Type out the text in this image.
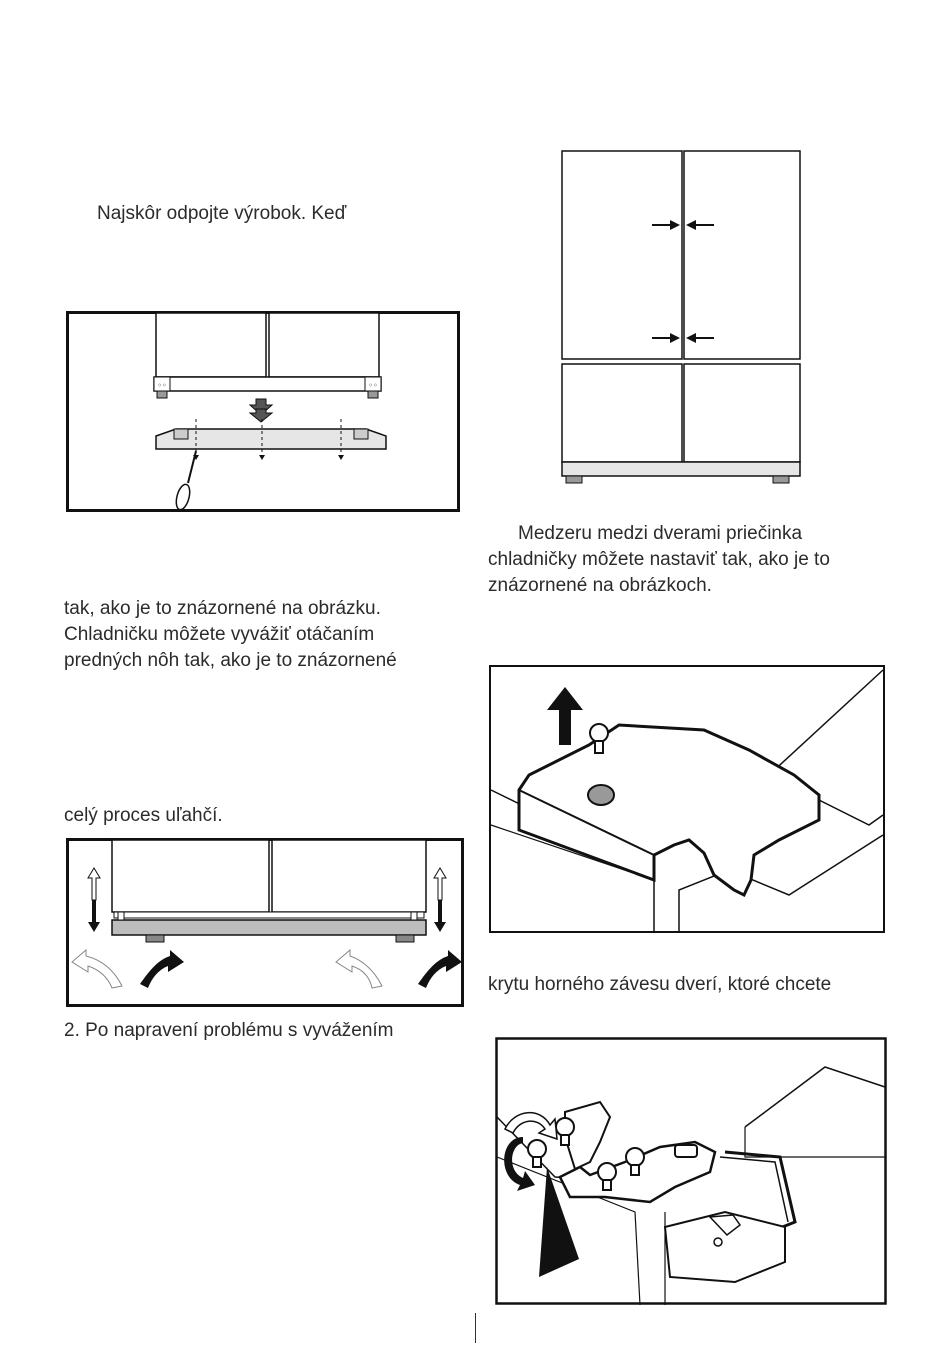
Najskôr odpojte výrobok. Keď
tak, ako je to znázornené na obrázku.
Chladničku môžete vyvážiť otáčaním
predných nôh tak, ako je to znázornené
celý proces uľahčí.
2. Po napravení problému s vyvážením
Medzeru medzi dverami priečinka
chladničky môžete nastaviť tak, ako je to
znázornené na obrázkoch.
krytu horného závesu dverí, ktoré chcete
◦◦	◦◦
